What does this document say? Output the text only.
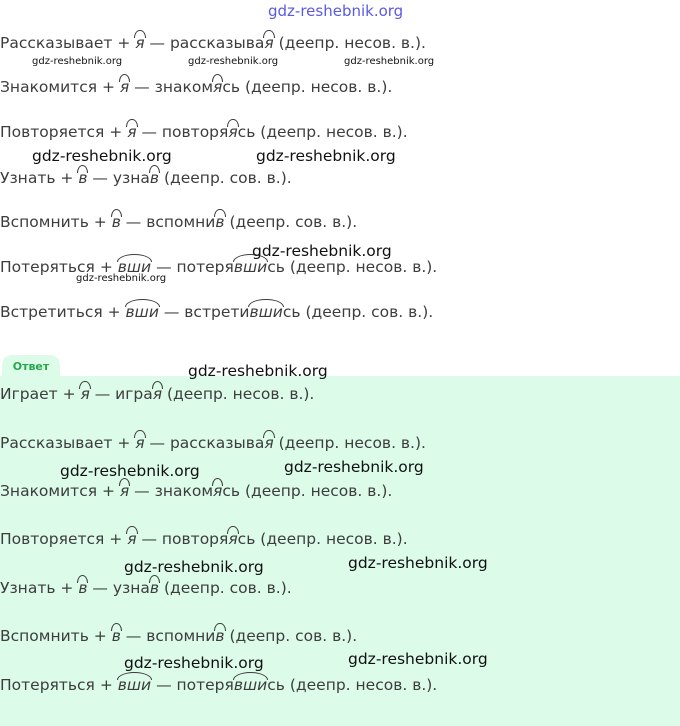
gdz-reshebnik.org
Рассказывает + я — рассказывая (деепр. несов. в.).
Знакомится + я — знакомясь (деепр. несов. в.).
Повторяется + я — повторяясь (деепр. несов. в.).
Узнать + в — узнав (деепр. сов. в.).
Вспомнить + в — вспомнив (деепр. сов. в.).
Потеряться + вши — потерявшись (деепр. несов. в.).
Встретиться + вши — встретившись (деепр. сов. в.).
gdz-reshebnik.org	gdz-reshebnik.org	gdz-reshebnik.org
gdz-reshebnik.org	gdz-reshebnik.org
gdz-reshebnik.org
gdz-reshebnik.org
Ответ
Играет + я — играя (деепр. несов. в.).
Рассказывает + я — рассказывая (деепр. несов. в.).
Знакомится + я — знакомясь (деепр. несов. в.).
Повторяется + я — повторяясь (деепр. несов. в.).
Узнать + в — узнав (деепр. сов. в.).
Вспомнить + в — вспомнив (деепр. сов. в.).
Потеряться + вши — потерявшись (деепр. несов. в.).
gdz-reshebnik.org
gdz-reshebnik.org	gdz-reshebnik.org
gdz-reshebnik.org	gdz-reshebnik.org
gdz-reshebnik.org	gdz-reshebnik.org
